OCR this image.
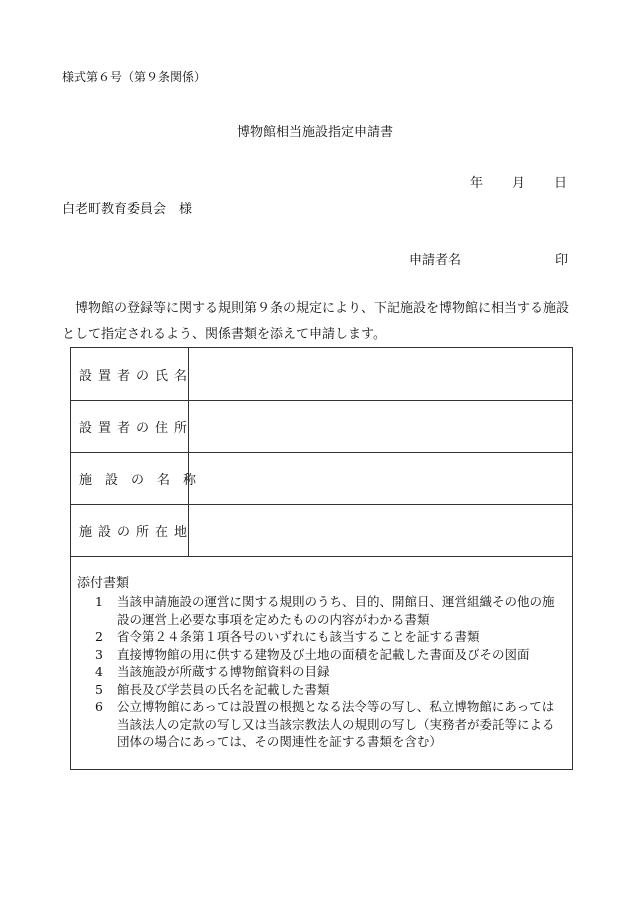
様式第６号（第９条関係）
博物館相当施設指定申請書
年 月 日
白老町教育委員会　様
申請者名	印
博物館の登録等に関する規則第９条の規定により、下記施設を博物館に相当する施設として指定されるよう、関係書類を添えて申請します。
設置者の氏名
設置者の住所
施　設　の　名　称
施設の所在地
添付書類
1	当該申請施設の運営に関する規則のうち、目的、開館日、運営組織その他の施設の運営上必要な事項を定めたものの内容がわかる書類
2	省令第２４条第１項各号のいずれにも該当することを証する書類
3	直接博物館の用に供する建物及び土地の面積を記載した書面及びその図面
4	当該施設が所蔵する博物館資料の目録
5	館長及び学芸員の氏名を記載した書類
6	公立博物館にあっては設置の根拠となる法令等の写し、私立博物館にあっては当該法人の定款の写し又は当該宗教法人の規則の写し（実務者が委託等による団体の場合にあっては、その関連性を証する書類を含む）
